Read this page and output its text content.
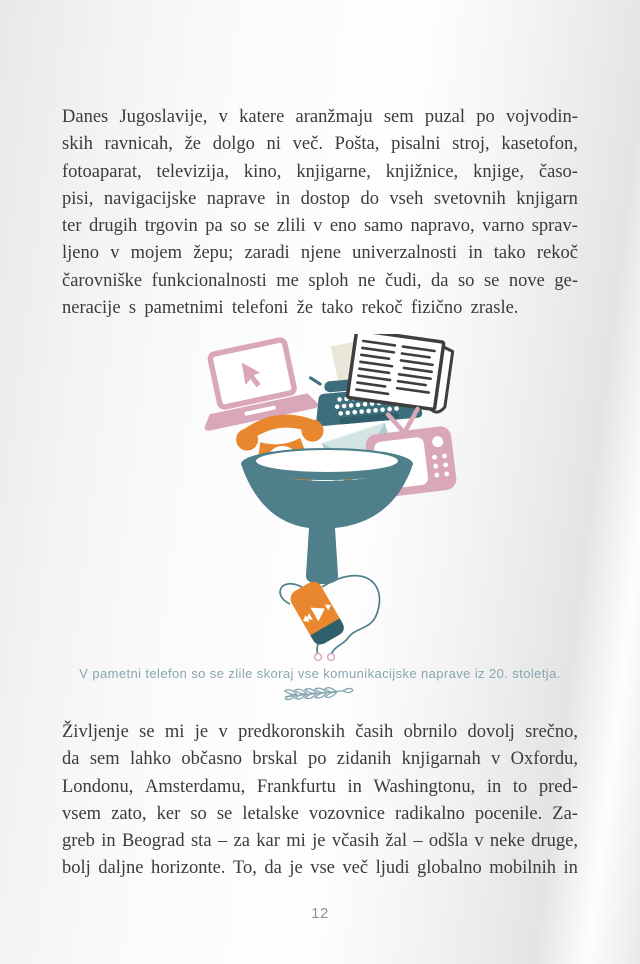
Danes Jugoslavije, v katere aranžmaju sem puzal po vojvodin-
skih ravnicah, že dolgo ni več. Pošta, pisalni stroj, kasetofon,
fotoaparat, televizija, kino, knjigarne, knjižnice, knjige, časo-
pisi, navigacijske naprave in dostop do vseh svetovnih knjigarn
ter drugih trgovin pa so se zlili v eno samo napravo, varno sprav-
ljeno v mojem žepu; zaradi njene univerzalnosti in tako rekoč
čarovniške funkcionalnosti me sploh ne čudi, da so se nove ge-
neracije s pametnimi telefoni že tako rekoč fizično zrasle.
V pametni telefon so se zlile skoraj vse komunikacijske naprave iz 20. stoletja.
Življenje se mi je v predkoronskih časih obrnilo dovolj srečno,
da sem lahko občasno brskal po zidanih knjigarnah v Oxfordu,
Londonu, Amsterdamu, Frankfurtu in Washingtonu, in to pred-
vsem zato, ker so se letalske vozovnice radikalno pocenile. Za-
greb in Beograd sta – za kar mi je včasih žal – odšla v neke druge,
bolj daljne horizonte. To, da je vse več ljudi globalno mobilnih in
12
